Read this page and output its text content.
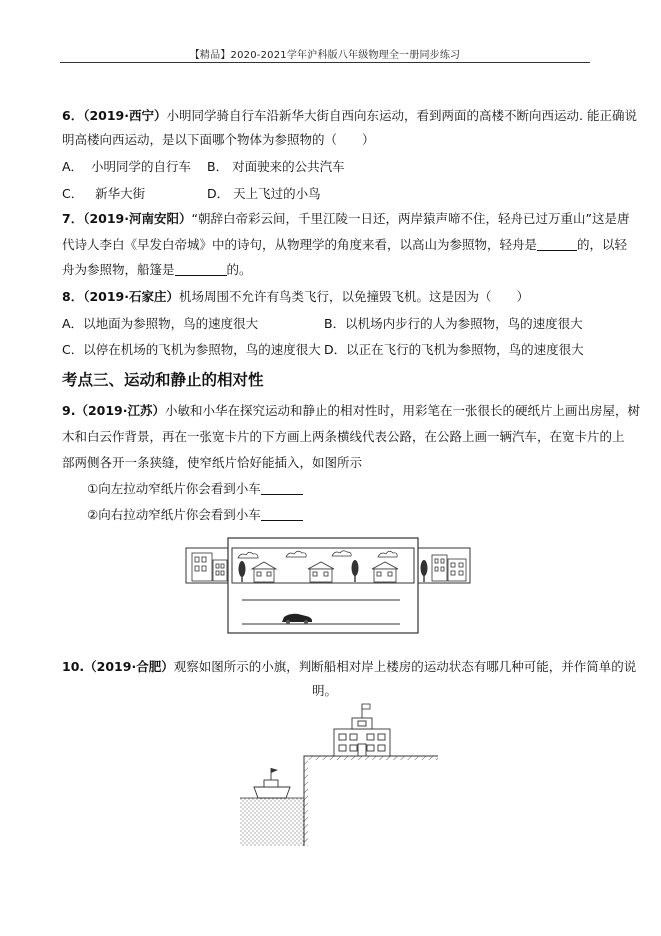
【精品】2020-2021学年沪科版八年级物理全一册同步练习
6．（2019·西宁）小明同学骑自行车沿新华大街自西向东运动，看到两面的高楼不断向西运动. 能正确说
明高楼向西运动，是以下面哪个物体为参照物的（　　）
A． 小明同学的自行车 B． 对面驶来的公共汽车
C． 新华大街	D． 天上飞过的小鸟
7．（2019·河南安阳）“朝辞白帝彩云间，千里江陵一日还，两岸猿声啼不住，轻舟已过万重山”这是唐
代诗人李白《早发白帝城》中的诗句，从物理学的角度来看，以高山为参照物，轻舟是	的，以轻
舟为参照物，船篷是	的。
8．（2019·石家庄）机场周围不允许有鸟类飞行，以免撞毁飞机。这是因为（　　）
A．以地面为参照物，鸟的速度很大	B．以机场内步行的人为参照物，鸟的速度很大
C．以停在机场的飞机为参照物，鸟的速度很大 D．以正在飞行的飞机为参照物，鸟的速度很大
考点三、运动和静止的相对性
9.（2019·江苏）小敏和小华在探究运动和静止的相对性时，用彩笔在一张很长的硬纸片上画出房屋，树
木和白云作背景，再在一张宽卡片的下方画上两条横线代表公路，在公路上画一辆汽车，在宽卡片的上
部两侧各开一条狭缝，使窄纸片恰好能插入，如图所示
①向左拉动窄纸片你会看到小车
②向右拉动窄纸片你会看到小车
10.（2019·合肥）观察如图所示的小旗，判断船相对岸上楼房的运动状态有哪几种可能，并作简单的说
明。
